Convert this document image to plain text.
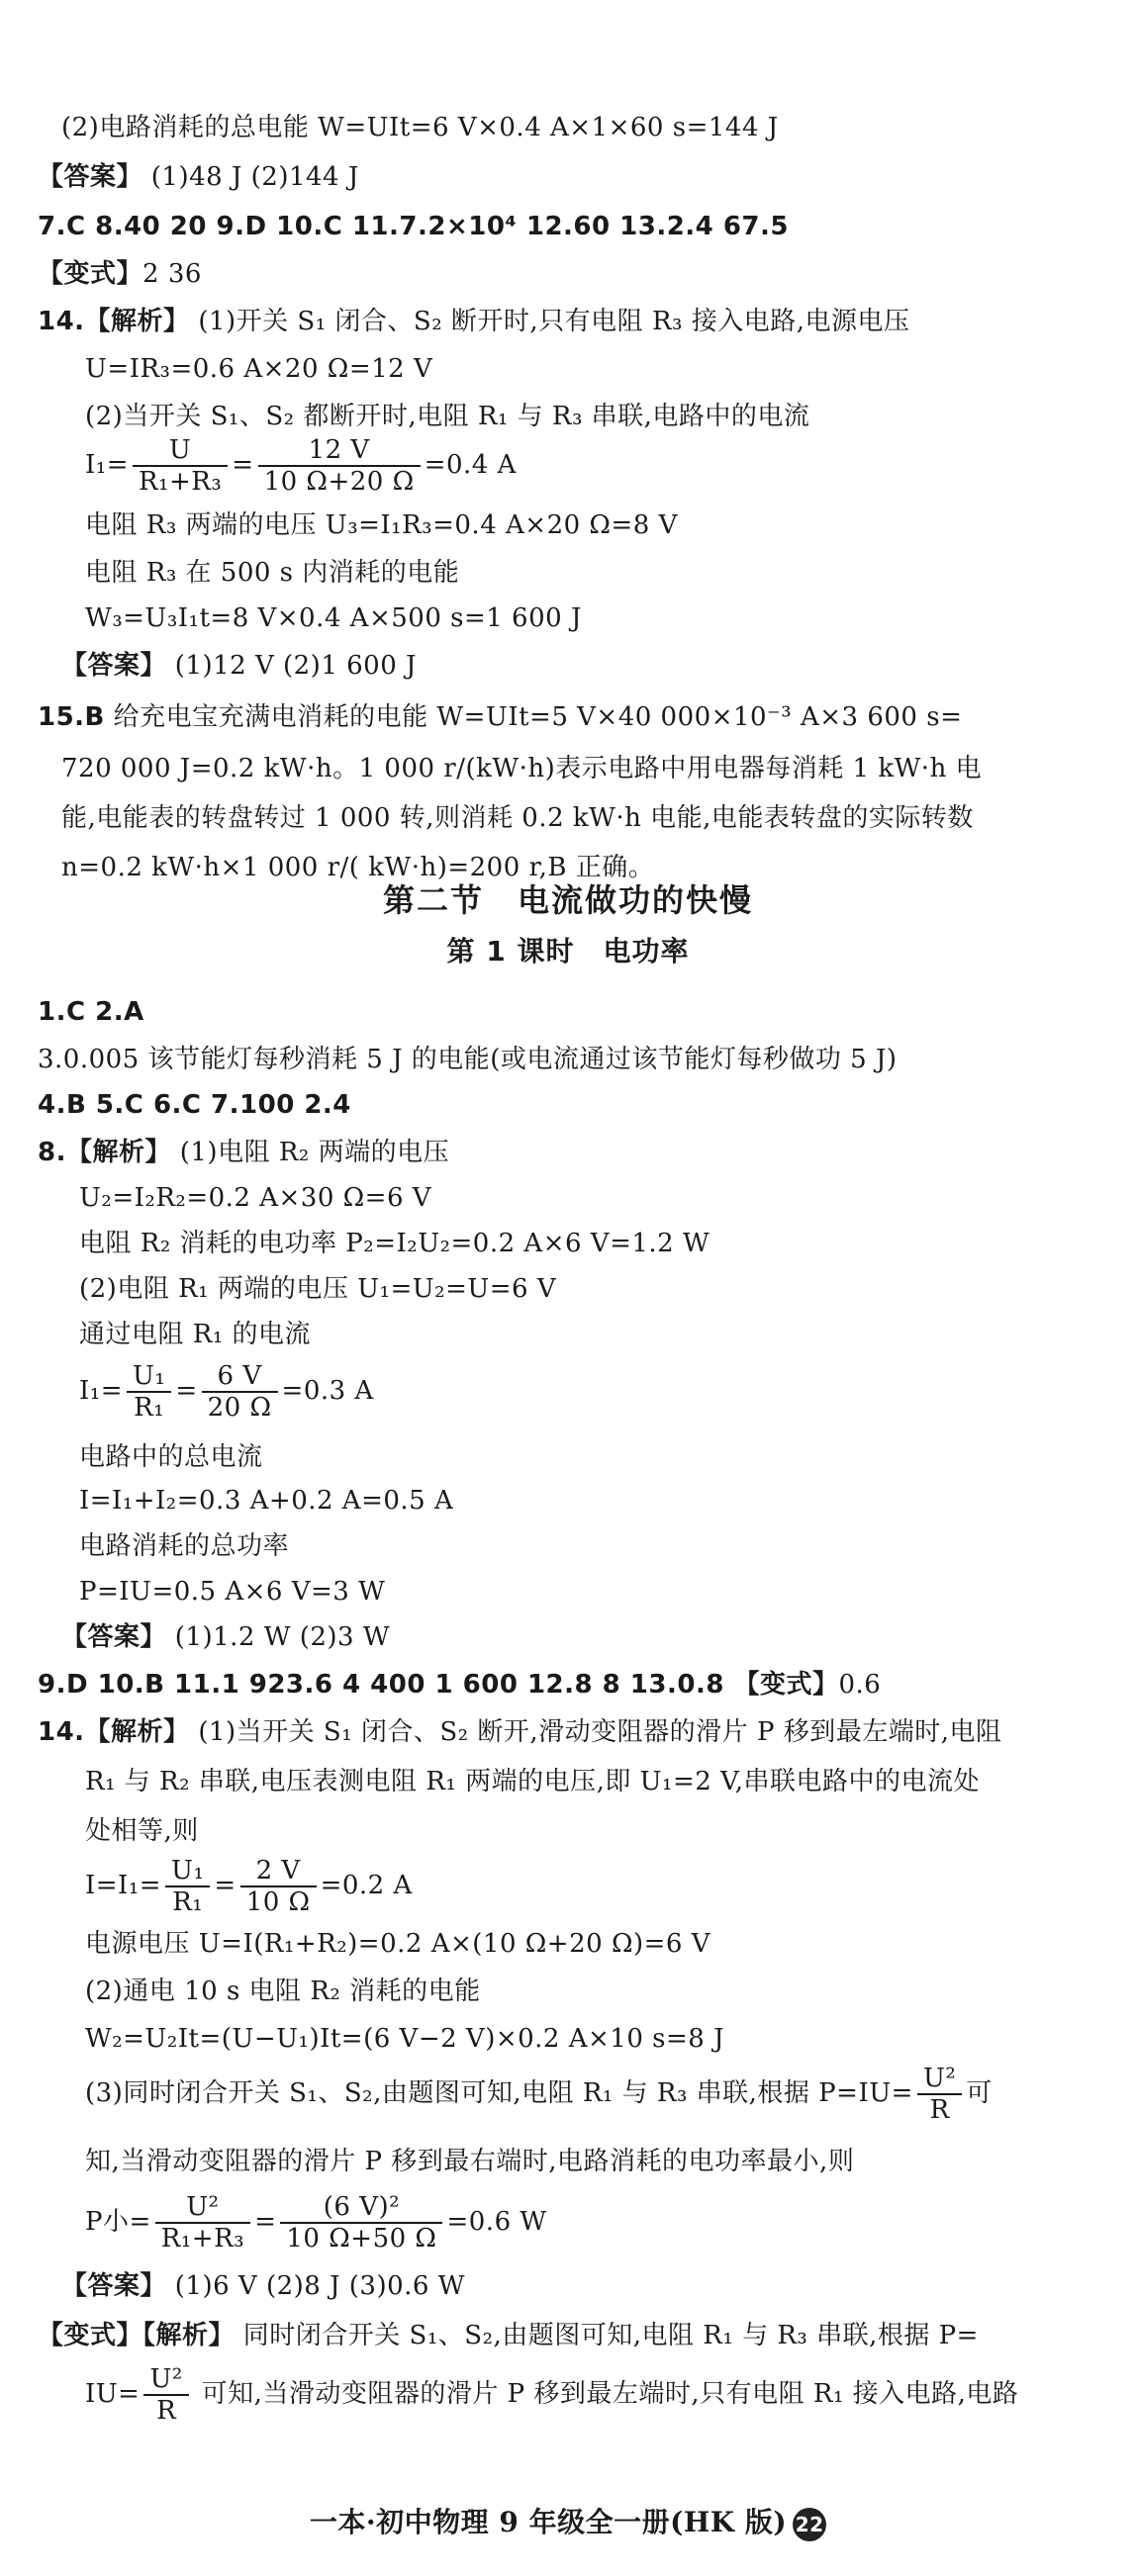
(2)电路消耗的总电能 W=UIt=6 V×0.4 A×1×60 s=144 J
【答案】 (1)48 J (2)144 J
7.C 8.40 20 9.D 10.C 11.7.2×10⁴ 12.60 13.2.4 67.5
【变式】2 36
14.【解析】 (1)开关 S₁ 闭合、S₂ 断开时,只有电阻 R₃ 接入电路,电源电压
U=IR₃=0.6 A×20 Ω=12 V
(2)当开关 S₁、S₂ 都断开时,电阻 R₁ 与 R₃ 串联,电路中的电流
$I_1= \frac{U}{\text{R₁+R₃}} = \frac{12 V}{10 \Omega+20 \Omega} =0.4$ A
电阻 R₃ 两端的电压 U₃=I₁R₃=0.4 A×20 Ω=8 V
电阻 R₃ 在 500 s 内消耗的电能
W₃=U₃I₁t=8 V×0.4 A×500 s=1 600 J
【答案】 (1)12 V (2)1 600 J
15.B 给充电宝充满电消耗的电能 W=UIt=5 V×40 000×10⁻³ A×3 600 s=
720 000 J=0.2 kW·h。1 000 r/(kW·h)表示电路中用电器每消耗 1 kW·h 电
能,电能表的转盘转过 1 000 转,则消耗 0.2 kW·h 电能,电能表转盘的实际转数
n=0.2 kW·h×1 000 r/( kW·h)=200 r,B 正确。
第二节　电流做功的快慢
第 1 课时　电功率
1.C 2.A
3.0.005 该节能灯每秒消耗 5 J 的电能(或电流通过该节能灯每秒做功 5 J)
4.B 5.C 6.C 7.100 2.4
8.【解析】 (1)电阻 R₂ 两端的电压
U₂=I₂R₂=0.2 A×30 Ω=6 V
电阻 R₂ 消耗的电功率 P₂=I₂U₂=0.2 A×6 V=1.2 W
(2)电阻 R₁ 两端的电压 U₁=U₂=U=6 V
通过电阻 R₁ 的电流
$I_1= \frac{\text{U₁}}{\text{R₁}} = \frac{6 V}{20 \Omega} =0.3$ A
电路中的总电流
I=I₁+I₂=0.3 A+0.2 A=0.5 A
电路消耗的总功率
P=IU=0.5 A×6 V=3 W
【答案】 (1)1.2 W (2)3 W
9.D 10.B 11.1 923.6 4 400 1 600 12.8 8 13.0.8 【变式】0.6
14.【解析】 (1)当开关 S₁ 闭合、S₂ 断开,滑动变阻器的滑片 P 移到最左端时,电阻
R₁ 与 R₂ 串联,电压表测电阻 R₁ 两端的电压,即 U₁=2 V,串联电路中的电流处
处相等,则
$I=I_1= \frac{\text{U₁}}{\text{R₁}} = \frac{2 V}{10 \Omega} =0.2$ A
电源电压 U=I(R₁+R₂)=0.2 A×(10 Ω+20 Ω)=6 V
(2)通电 10 s 电阻 R₂ 消耗的电能
W₂=U₂It=(U−U₁)It=(6 V−2 V)×0.2 A×10 s=8 J
(3)同时闭合开关 S₁、S₂,由题图可知,电阻 R₁ 与 R₃ 串联,根据 $P=IU= \frac{\text{U²}}{R}$ 可
知,当滑动变阻器的滑片 P 移到最右端时,电路消耗的电功率最小,则
P小= $\frac{\text{U²}}{\text{R₁+R₃}} = \frac{\text{(6 V)²}}{10 \Omega+50 \Omega} =0.6$ W
【答案】 (1)6 V (2)8 J (3)0.6 W
【变式】【解析】 同时闭合开关 S₁、S₂,由题图可知,电阻 R₁ 与 R₃ 串联,根据 P=
$IU= \frac{\text{U²}}{R}$ 可知,当滑动变阻器的滑片 P 移到最左端时,只有电阻 R₁ 接入电路,电路
一本·初中物理 9 年级全一册(HK 版) 22
